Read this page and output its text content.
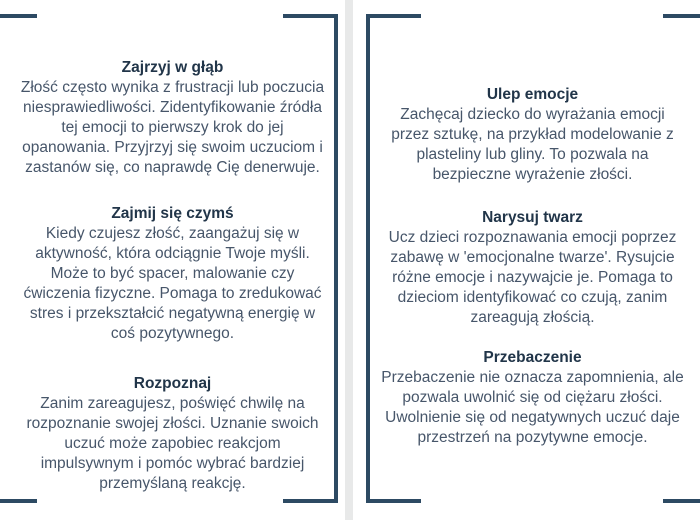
Zajrzyj w głąb
Złość często wynika z frustracji lub poczucia niesprawiedliwości. Zidentyfikowanie źródła tej emocji to pierwszy krok do jej opanowania. Przyjrzyj się swoim uczuciom i zastanów się, co naprawdę Cię denerwuje.
Zajmij się czymś
Kiedy czujesz złość, zaangażuj się w aktywność, która odciągnie Twoje myśli. Może to być spacer, malowanie czy ćwiczenia fizyczne. Pomaga to zredukować stres i przekształcić negatywną energię w coś pozytywnego.
Rozpoznaj
Zanim zareagujesz, poświęć chwilę na rozpoznanie swojej złości. Uznanie swoich uczuć może zapobiec reakcjom impulsywnym i pomóc wybrać bardziej przemyślaną reakcję.
Ulep emocje
Zachęcaj dziecko do wyrażania emocji przez sztukę, na przykład modelowanie z plasteliny lub gliny. To pozwala na bezpieczne wyrażenie złości.
Narysuj twarz
Ucz dzieci rozpoznawania emocji poprzez zabawę w 'emocjonalne twarze'. Rysujcie różne emocje i nazywajcie je. Pomaga to dzieciom identyfikować co czują, zanim zareagują złością.
Przebaczenie
Przebaczenie nie oznacza zapomnienia, ale pozwala uwolnić się od ciężaru złości. Uwolnienie się od negatywnych uczuć daje przestrzeń na pozytywne emocje.
